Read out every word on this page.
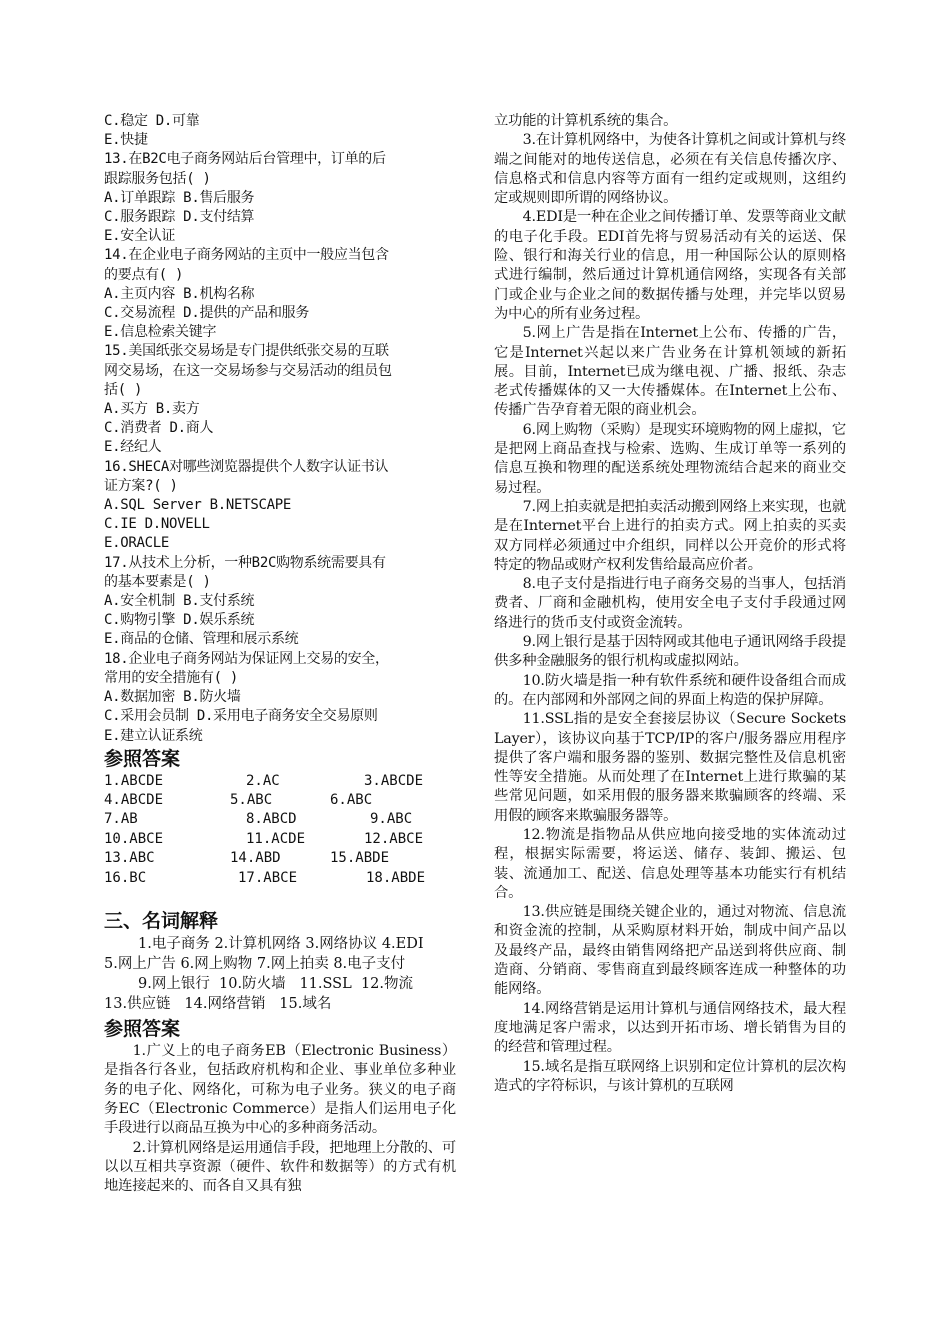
C.稳定 D.可靠
E.快捷
13.在B2C电子商务网站后台管理中，订单的后
跟踪服务包括( )
A.订单跟踪 B.售后服务
C.服务跟踪 D.支付结算
E.安全认证
14.在企业电子商务网站的主页中一般应当包含
的要点有( )
A.主页内容 B.机构名称
C.交易流程 D.提供的产品和服务
E.信息检索关键字
15.美国纸张交易场是专门提供纸张交易的互联
网交易场，在这一交易场参与交易活动的组员包
括( )
A.买方 B.卖方
C.消费者 D.商人
E.经纪人
16.SHECA对哪些浏览器提供个人数字认证书认
证方案?( )
A.SQL Server B.NETSCAPE
C.IE D.NOVELL
E.ORACLE
17.从技术上分析，一种B2C购物系统需要具有
的基本要素是( )
A.安全机制 B.支付系统
C.购物引擎 D.娱乐系统
E.商品的仓储、管理和展示系统
18.企业电子商务网站为保证网上交易的安全，
常用的安全措施有( )
A.数据加密 B.防火墙
C.采用会员制 D.采用电子商务安全交易原则
E.建立认证系统
参照答案
1.ABCDE	2.AC	3.ABCDE
4.ABCDE	5.ABC	6.ABC
7.AB	8.ABCD	9.ABC
10.ABCE	11.ACDE	12.ABCE
13.ABC	14.ABD	15.ABDE
16.BC	17.ABCE	18.ABDE
三、名词解释
1.电子商务 2.计算机网络 3.网络协议 4.EDI
5.网上广告 6.网上购物 7.网上拍卖 8.电子支付
9.网上银行  10.防火墙   11.SSL  12.物流
13.供应链   14.网络营销   15.域名
参照答案

1.广义上的电子商务EB（Electronic Business）是指各行各业，包括政府机构和企业、事业单位多种业务的电子化、网络化，可称为电子业务。狭义的电子商务EC（Electronic Commerce）是指人们运用电子化手段进行以商品互换为中心的多种商务活动。

2.计算机网络是运用通信手段，把地理上分散的、可以以互相共享资源（硬件、软件和数据等）的方式有机地连接起来的、而各自又具有独

立功能的计算机系统的集合。

3.在计算机网络中，为使各计算机之间或计算机与终端之间能对的地传送信息，必须在有关信息传播次序、信息格式和信息内容等方面有一组约定或规则，这组约定或规则即所谓的网络协议。

4.EDI是一种在企业之间传播订单、发票等商业文献的电子化手段。EDI首先将与贸易活动有关的运送、保险、银行和海关行业的信息，用一种国际公认的原则格式进行编制，然后通过计算机通信网络，实现各有关部门或企业与企业之间的数据传播与处理，并完毕以贸易为中心的所有业务过程。

5.网上广告是指在Internet上公布、传播的广告，它是Internet兴起以来广告业务在计算机领域的新拓展。目前，Internet已成为继电视、广播、报纸、杂志老式传播媒体的又一大传播媒体。在Internet上公布、传播广告孕育着无限的商业机会。

6.网上购物（采购）是现实环境购物的网上虚拟，它是把网上商品查找与检索、选购、生成订单等一系列的信息互换和物理的配送系统处理物流结合起来的商业交易过程。

7.网上拍卖就是把拍卖活动搬到网络上来实现，也就是在Internet平台上进行的拍卖方式。网上拍卖的买卖双方同样必须通过中介组织，同样以公开竞价的形式将特定的物品或财产权利发售给最高应价者。

8.电子支付是指进行电子商务交易的当事人，包括消费者、厂商和金融机构，使用安全电子支付手段通过网络进行的货币支付或资金流转。

9.网上银行是基于因特网或其他电子通讯网络手段提供多种金融服务的银行机构或虚拟网站。

10.防火墙是指一种有软件系统和硬件设备组合而成的。在内部网和外部网之间的界面上构造的保护屏障。

11.SSL指的是安全套接层协议（Secure Sockets Layer），该协议向基于TCP/IP的客户/服务器应用程序提供了客户端和服务器的鉴别、数据完整性及信息机密性等安全措施。从而处理了在Internet上进行欺骗的某些常见问题，如采用假的服务器来欺骗顾客的终端、采用假的顾客来欺骗服务器等。

12.物流是指物品从供应地向接受地的实体流动过程，根据实际需要，将运送、储存、装卸、搬运、包装、流通加工、配送、信息处理等基本功能实行有机结合。

13.供应链是围绕关键企业的，通过对物流、信息流和资金流的控制，从采购原材料开始，制成中间产品以及最终产品，最终由销售网络把产品送到将供应商、制造商、分销商、零售商直到最终顾客连成一种整体的功能网络。

14.网络营销是运用计算机与通信网络技术，最大程度地满足客户需求，以达到开拓市场、增长销售为目的的经营和管理过程。

15.域名是指互联网络上识别和定位计算机的层次构造式的字符标识，与该计算机的互联网
